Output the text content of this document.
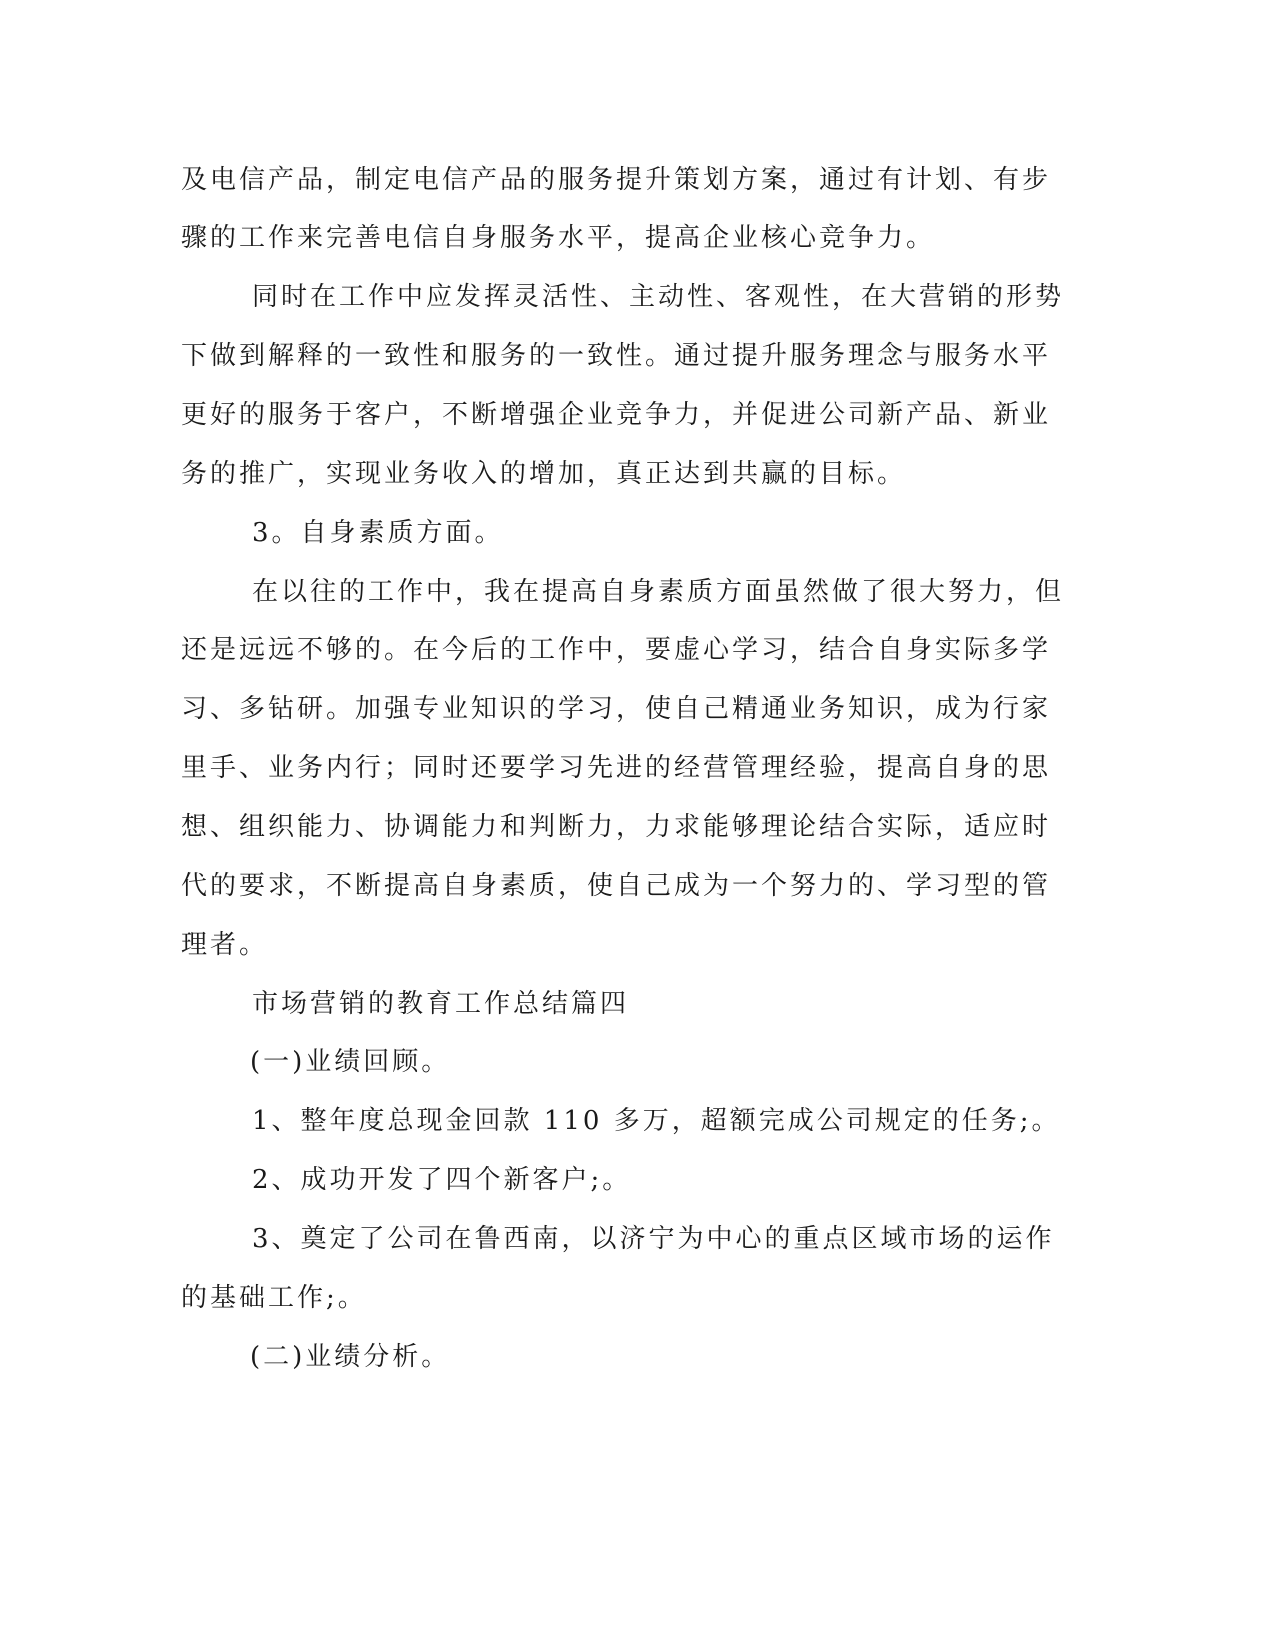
及电信产品，制定电信产品的服务提升策划方案，通过有计划、有步
骤的工作来完善电信自身服务水平，提高企业核心竞争力。
同时在工作中应发挥灵活性、主动性、客观性，在大营销的形势
下做到解释的一致性和服务的一致性。通过提升服务理念与服务水平
更好的服务于客户，不断增强企业竞争力，并促进公司新产品、新业
务的推广，实现业务收入的增加，真正达到共赢的目标。
3。自身素质方面。
在以往的工作中，我在提高自身素质方面虽然做了很大努力，但
还是远远不够的。在今后的工作中，要虚心学习，结合自身实际多学
习、多钻研。加强专业知识的学习，使自己精通业务知识，成为行家
里手、业务内行；同时还要学习先进的经营管理经验，提高自身的思
想、组织能力、协调能力和判断力，力求能够理论结合实际，适应时
代的要求，不断提高自身素质，使自己成为一个努力的、学习型的管
理者。
市场营销的教育工作总结篇四
(一)业绩回顾。
1、整年度总现金回款 110 多万，超额完成公司规定的任务;。
2、成功开发了四个新客户;。
3、奠定了公司在鲁西南，以济宁为中心的重点区域市场的运作
的基础工作;。
(二)业绩分析。
